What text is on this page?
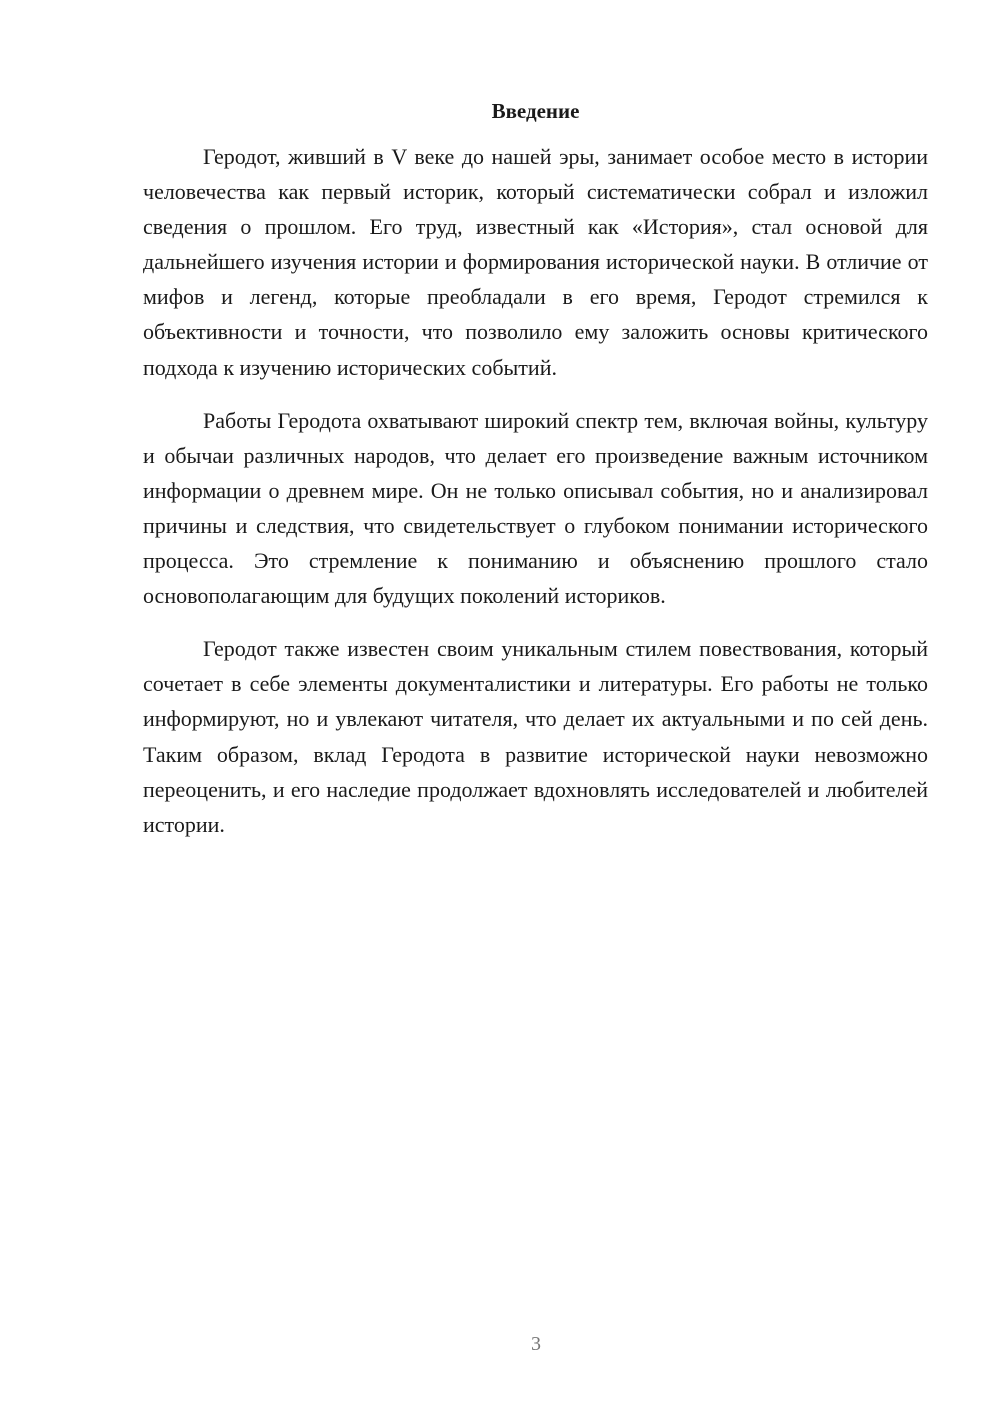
Введение

Геродот, живший в V веке до нашей эры, занимает особое место в истории человечества как первый историк, который систематически собрал и изложил сведения о прошлом. Его труд, известный как «История», стал основой для дальнейшего изучения истории и формирования исторической науки. В отличие от мифов и легенд, которые преобладали в его время, Геродот стремился к объективности и точности, что позволило ему заложить основы критического подхода к изучению исторических событий.

Работы Геродота охватывают широкий спектр тем, включая войны, культуру и обычаи различных народов, что делает его произведение важным источником информации о древнем мире. Он не только описывал события, но и анализировал причины и следствия, что свидетельствует о глубоком понимании исторического процесса. Это стремление к пониманию и объяснению прошлого стало основополагающим для будущих поколений историков.

Геродот также известен своим уникальным стилем повествования, который сочетает в себе элементы документалистики и литературы. Его работы не только информируют, но и увлекают читателя, что делает их актуальными и по сей день. Таким образом, вклад Геродота в развитие исторической науки невозможно переоценить, и его наследие продолжает вдохновлять исследователей и любителей истории.

3
